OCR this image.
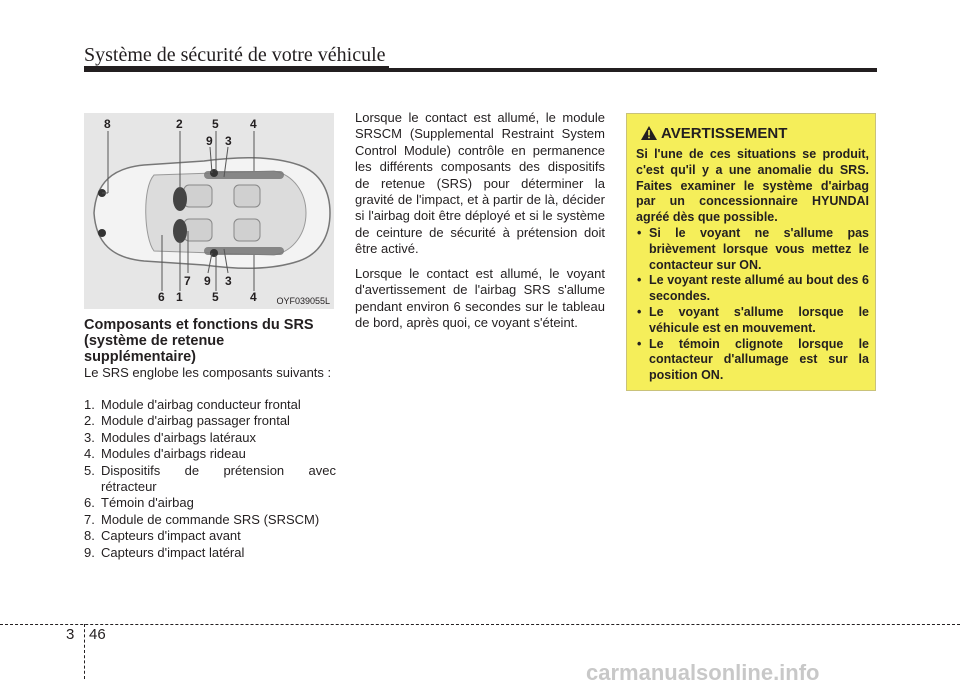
Système de sécurité de votre véhicule
8	2 5	4
9 3
7 9 3
6 1 5	4 OYF039055L
Composants et fonctions du SRS (système de retenue supplémentaire)
Le SRS englobe les composants suivants :
1. Module d'airbag conducteur frontal
2. Module d'airbag passager frontal
3. Modules d'airbags latéraux
4. Modules d'airbags rideau
5. Dispositifs de prétension avec
rétracteur
6. Témoin d'airbag
7. Module de commande SRS (SRSCM)
8. Capteurs d'impact avant
9. Capteurs d'impact latéral
Lorsque le contact est allumé, le module SRSCM (Supplemental Restraint System Control Module) contrôle en permanence les différents composants des dispositifs de retenue (SRS) pour déterminer la gravité de l'impact, et à partir de là, décider si l'airbag doit être déployé et si le système de ceinture de sécurité à prétension doit être activé.
Lorsque le contact est allumé, le voyant d'avertissement de l'airbag SRS s'allume pendant environ 6 secondes sur le tableau de bord, après quoi, ce voyant s'éteint.
AVERTISSEMENT
Si l'une de ces situations se produit, c'est qu'il y a une anomalie du SRS. Faites examiner le système d'airbag par un concessionnaire HYUNDAI agréé dès que possible.
• Si le voyant ne s'allume pas brièvement lorsque vous mettez le contacteur sur ON.
• Le voyant reste allumé au bout des 6 secondes.
• Le voyant s'allume lorsque le véhicule est en mouvement.
• Le témoin clignote lorsque le contacteur d'allumage est sur la position ON.
3 46
carmanualsonline.info
